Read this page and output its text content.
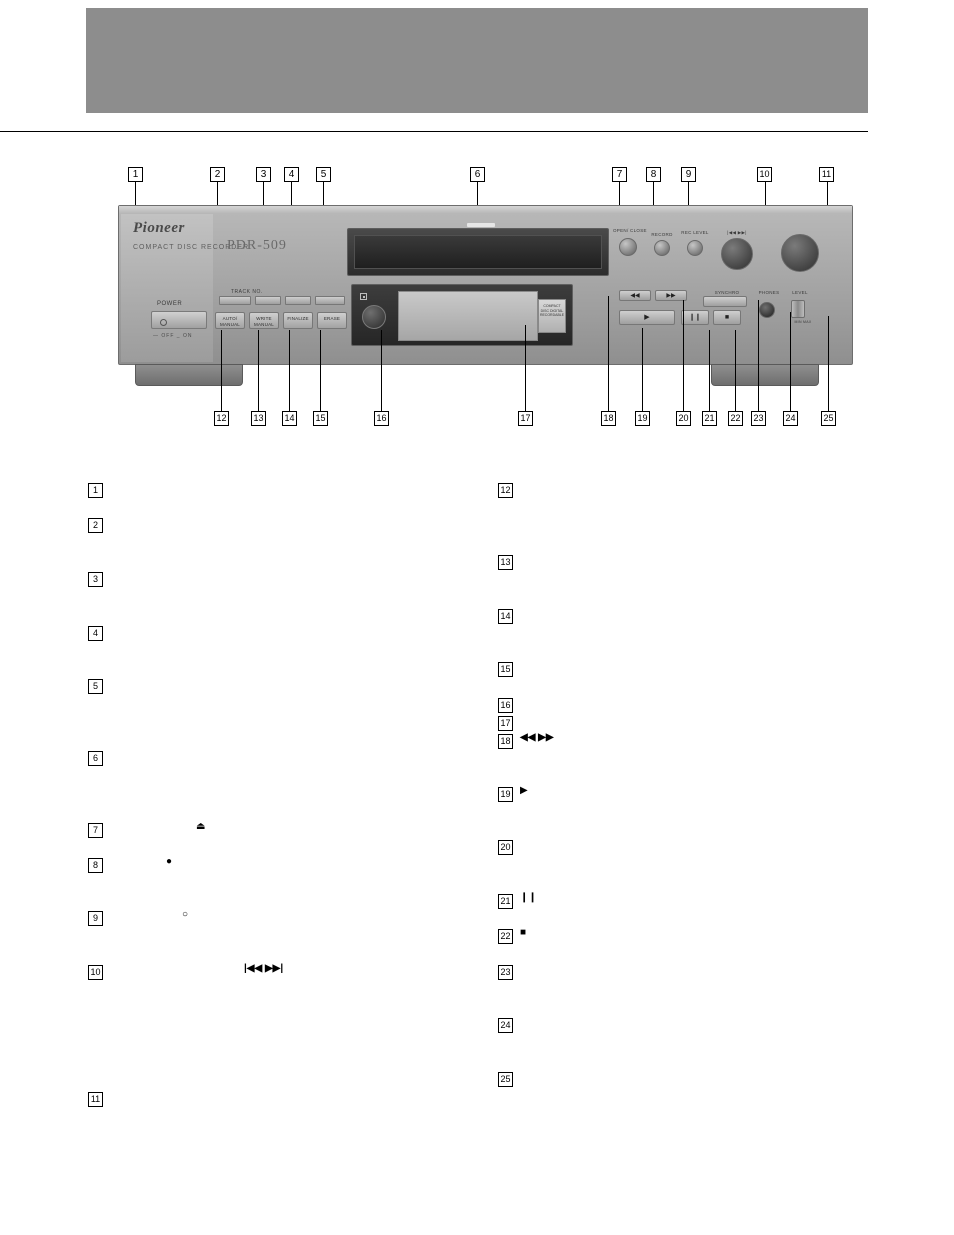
1	2	3	4	5	6	7	8	9	10	11
Pioneer
COMPACT DISC RECORDER
PDR-509
POWER
— OFF _ ON
TRACK NO.
AUTO/ MANUAL
WRITE MANUAL
FINALIZE	ERASE
COMPACT DISC DIGITAL RECORDABLE
OPEN/ CLOSE
RECORD	REC LEVEL	|◀◀ ▶▶|
◀◀	▶▶
SYNCHRO
▶	❙❙	■
PHONES	LEVEL
MIN MAX
12	13 14 15	16	17	18	19	20 21 22 23 24	25
1
2
3
4
5
6
7	⏏
8	●
9	○
10	|◀◀ ▶▶|
11
12
13
14
15
16
17
18 ◀◀ ▶▶
19 ▶
20
21 ❙❙
22 ■
23
24
25
